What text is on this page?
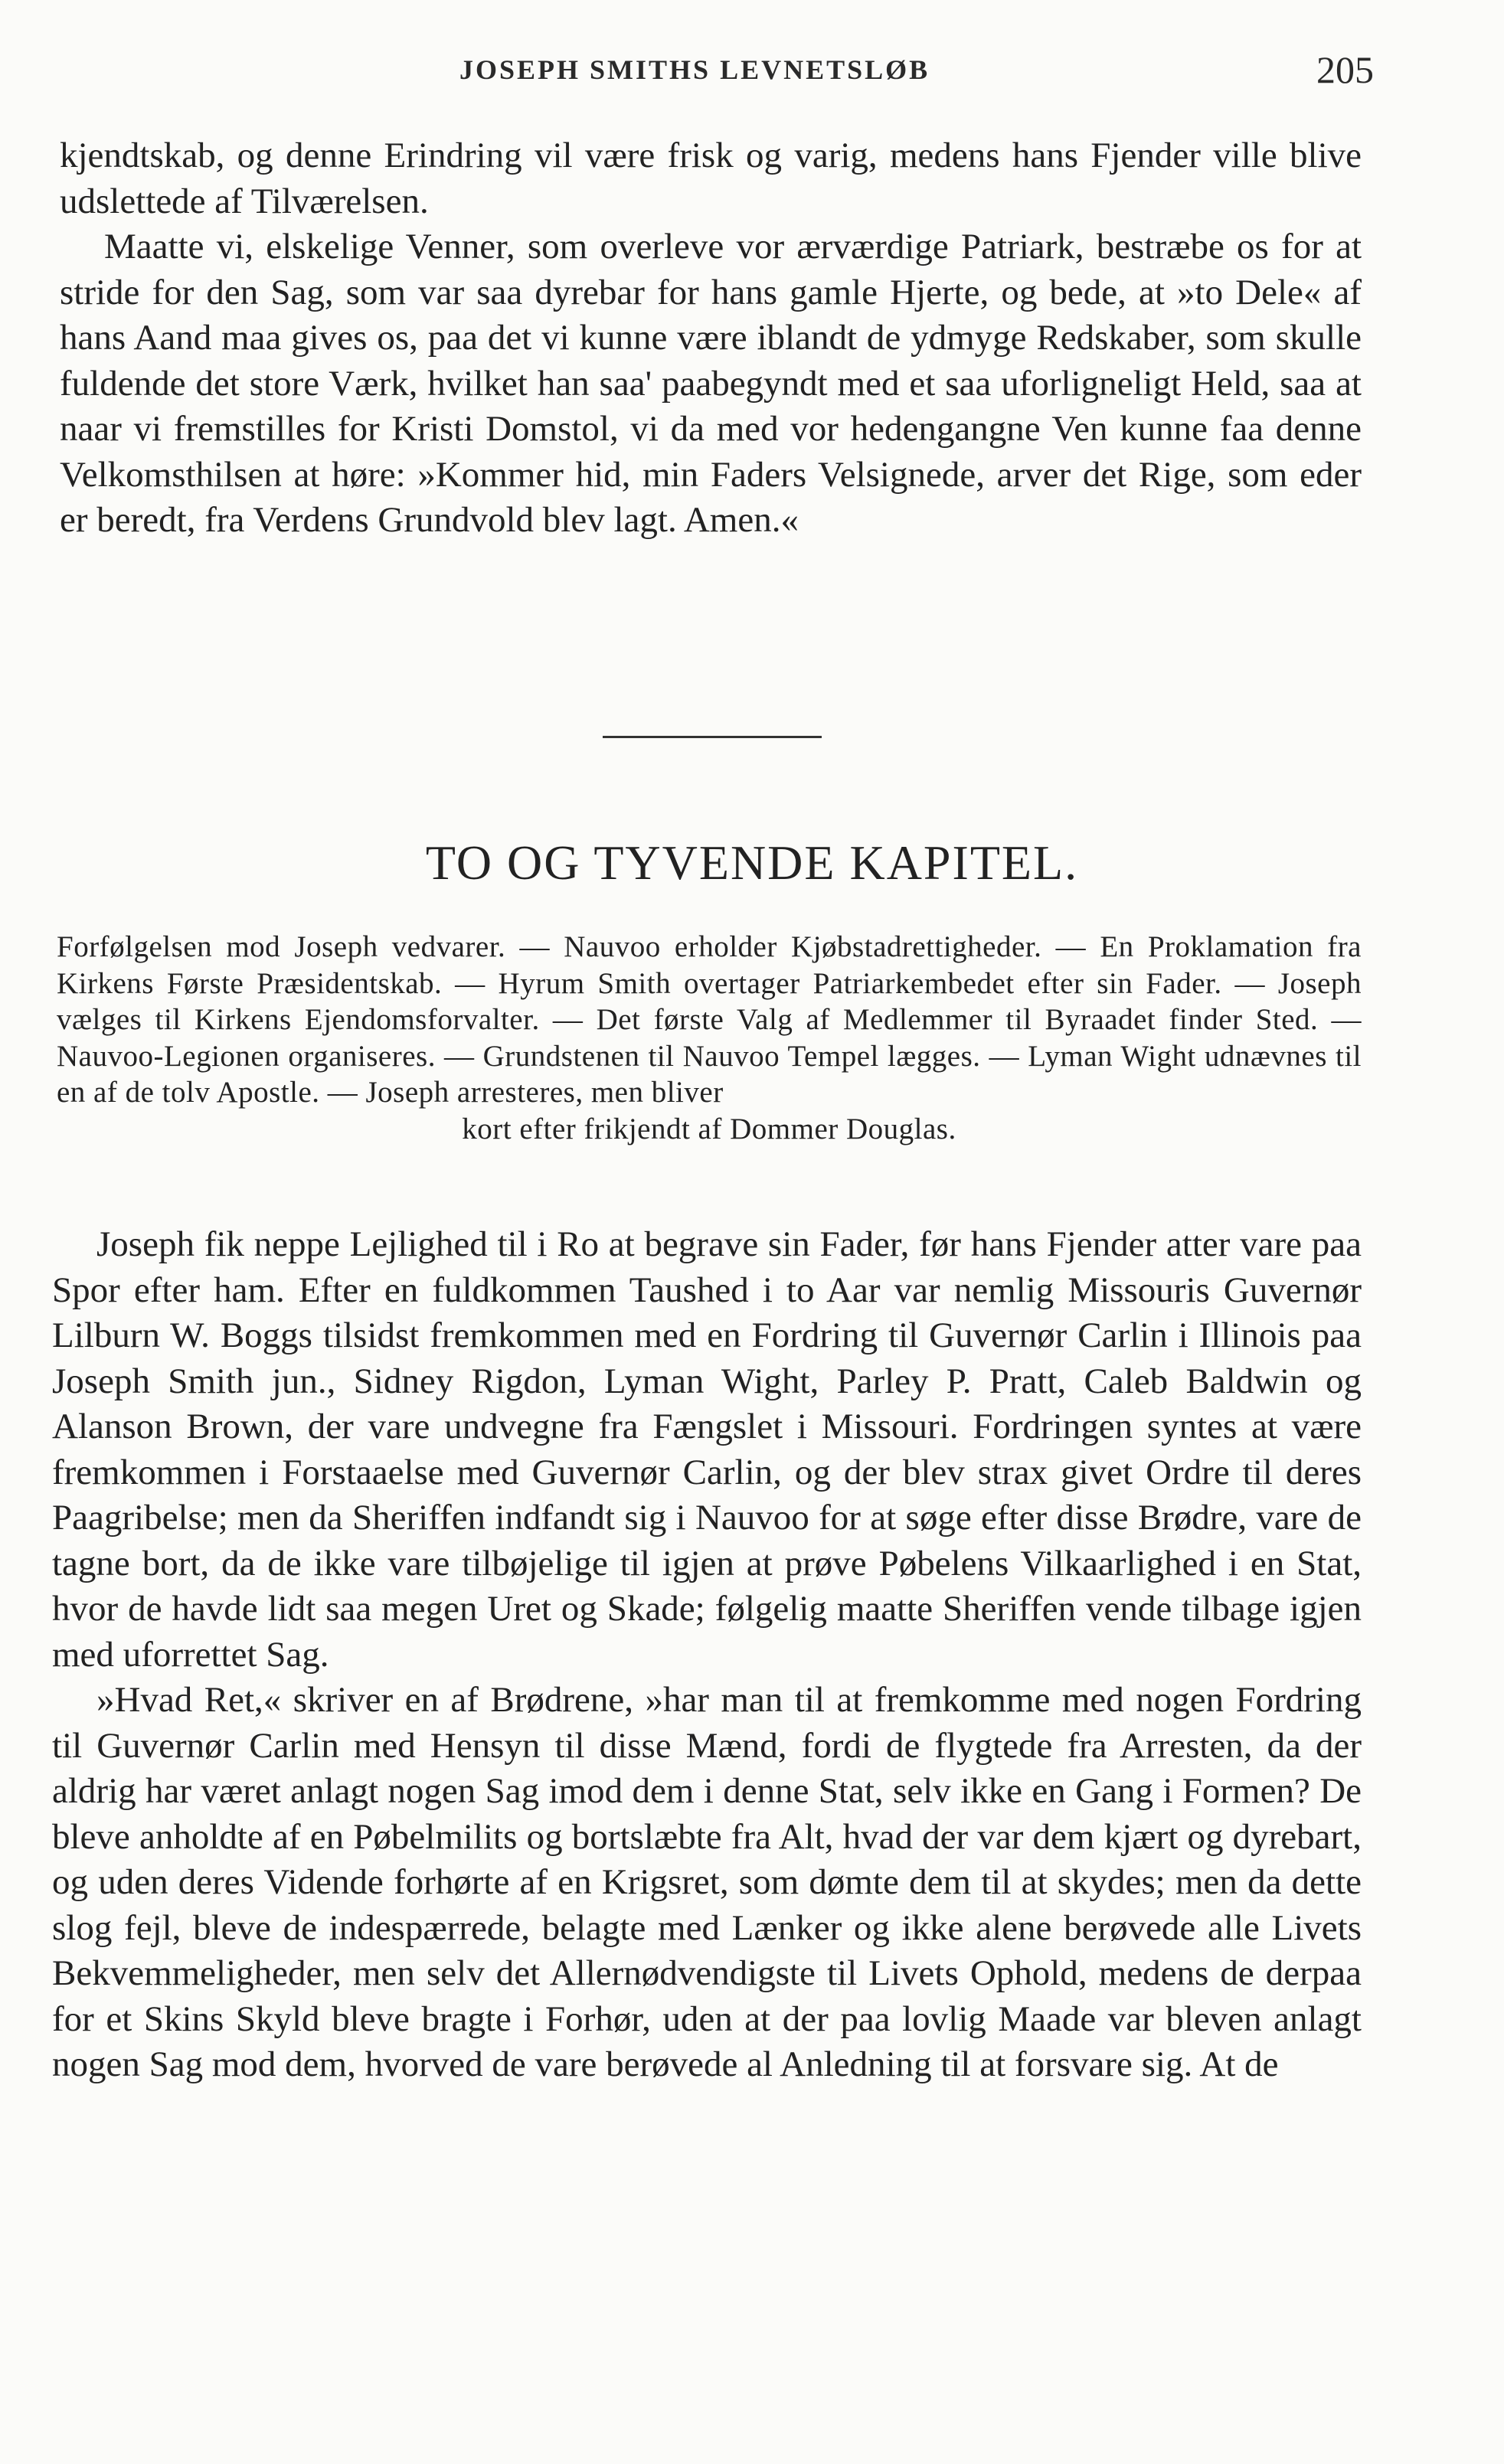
JOSEPH SMITHS LEVNETSLØB	205

kjendtskab, og denne Erindring vil være frisk og varig, medens hans Fjender ville blive udslettede af Tilværelsen.

Maatte vi, elskelige Venner, som overleve vor ærværdige Patriark, bestræbe os for at stride for den Sag, som var saa dyrebar for hans gamle Hjerte, og bede, at »to Dele« af hans Aand maa gives os, paa det vi kunne være iblandt de ydmyge Redskaber, som skulle fuldende det store Værk, hvilket han saa' paabegyndt med et saa uforligneligt Held, saa at naar vi fremstilles for Kristi Domstol, vi da med vor hedengangne Ven kunne faa denne Velkomsthilsen at høre: »Kommer hid, min Faders Velsignede, arver det Rige, som eder er beredt, fra Verdens Grundvold blev lagt. Amen.«

TO OG TYVENDE KAPITEL.

Forfølgelsen mod Joseph vedvarer. — Nauvoo erholder Kjøbstadrettigheder. — En Proklamation fra Kirkens Første Præsidentskab. — Hyrum Smith overtager Patriarkembedet efter sin Fader. — Joseph vælges til Kirkens Ejendomsforvalter. — Det første Valg af Medlemmer til Byraadet finder Sted. — Nauvoo-Legionen organiseres. — Grundstenen til Nauvoo Tempel lægges. — Lyman Wight udnævnes til en af de tolv Apostle. — Joseph arresteres, men bliver
kort efter frikjendt af Dommer Douglas.

Joseph fik neppe Lejlighed til i Ro at begrave sin Fader, før hans Fjender atter vare paa Spor efter ham. Efter en fuldkommen Taushed i to Aar var nemlig Missouris Guvernør Lilburn W. Boggs tilsidst fremkommen med en Fordring til Guvernør Carlin i Illinois paa Joseph Smith jun., Sidney Rigdon, Lyman Wight, Parley P. Pratt, Caleb Baldwin og Alanson Brown, der vare undvegne fra Fængslet i Missouri. Fordringen syntes at være fremkommen i Forstaaelse med Guvernør Carlin, og der blev strax givet Ordre til deres Paagribelse; men da Sheriffen indfandt sig i Nauvoo for at søge efter disse Brødre, vare de tagne bort, da de ikke vare tilbøjelige til igjen at prøve Pøbelens Vilkaarlighed i en Stat, hvor de havde lidt saa megen Uret og Skade; følgelig maatte Sheriffen vende tilbage igjen med uforrettet Sag.

»Hvad Ret,« skriver en af Brødrene, »har man til at fremkomme med nogen Fordring til Guvernør Carlin med Hensyn til disse Mænd, fordi de flygtede fra Arresten, da der aldrig har været anlagt nogen Sag imod dem i denne Stat, selv ikke en Gang i Formen? De bleve anholdte af en Pøbelmilits og bortslæbte fra Alt, hvad der var dem kjært og dyrebart, og uden deres Vidende forhørte af en Krigsret, som dømte dem til at skydes; men da dette slog fejl, bleve de indespærrede, belagte med Lænker og ikke alene berøvede alle Livets Bekvemmeligheder, men selv det Allernødvendigste til Livets Ophold, medens de derpaa for et Skins Skyld bleve bragte i Forhør, uden at der paa lovlig Maade var bleven anlagt nogen Sag mod dem, hvorved de vare berøvede al Anledning til at forsvare sig. At de
